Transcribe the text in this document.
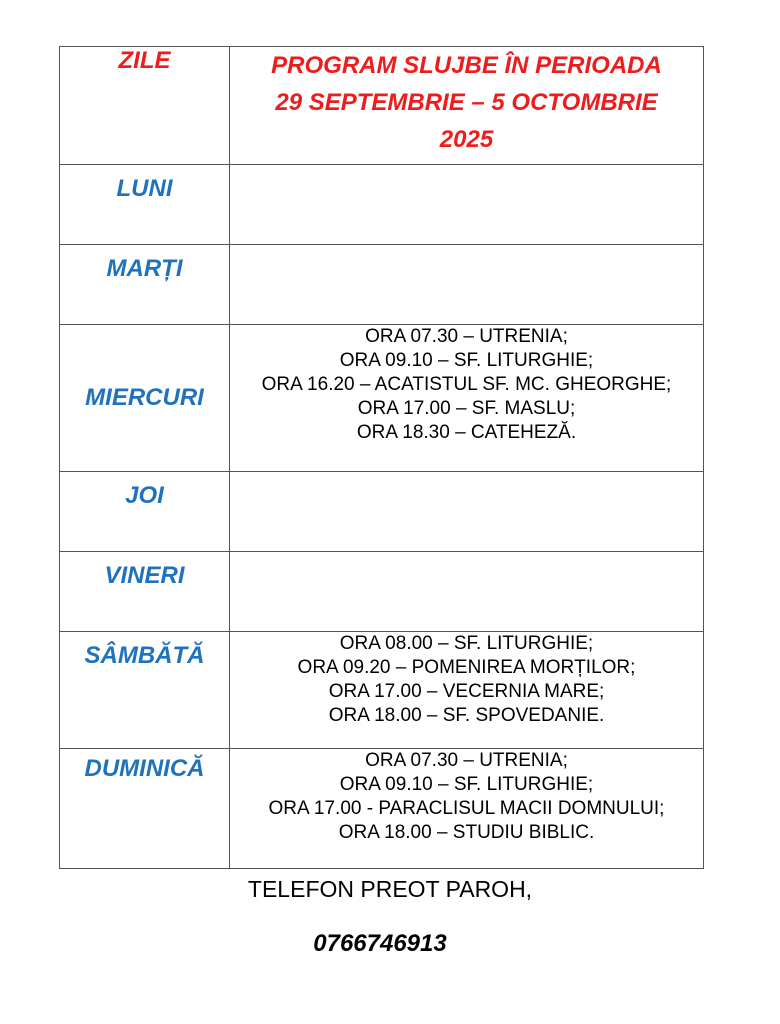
ZILE	PROGRAM SLUJBE ÎN PERIOADA
29 SEPTEMBRIE – 5 OCTOMBRIE
2025

LUNI	
MARȚI	
MIERCURI	ORA 07.30 – UTRENIA;
ORA 09.10 – SF. LITURGHIE;
ORA 16.20 – ACATISTUL SF. MC. GHEORGHE;
ORA 17.00 – SF. MASLU;
ORA 18.30 – CATEHEZĂ.

JOI	
VINERI	
SÂMBĂTĂ	ORA 08.00 – SF. LITURGHIE;
ORA 09.20 – POMENIREA MORȚILOR;
ORA 17.00 – VECERNIA MARE;
ORA 18.00 – SF. SPOVEDANIE.

DUMINICĂ	ORA 07.30 – UTRENIA;
ORA 09.10 – SF. LITURGHIE;
ORA 17.00 - PARACLISUL MACII DOMNULUI;
ORA 18.00 – STUDIU BIBLIC.
TELEFON PREOT PAROH,
0766746913
